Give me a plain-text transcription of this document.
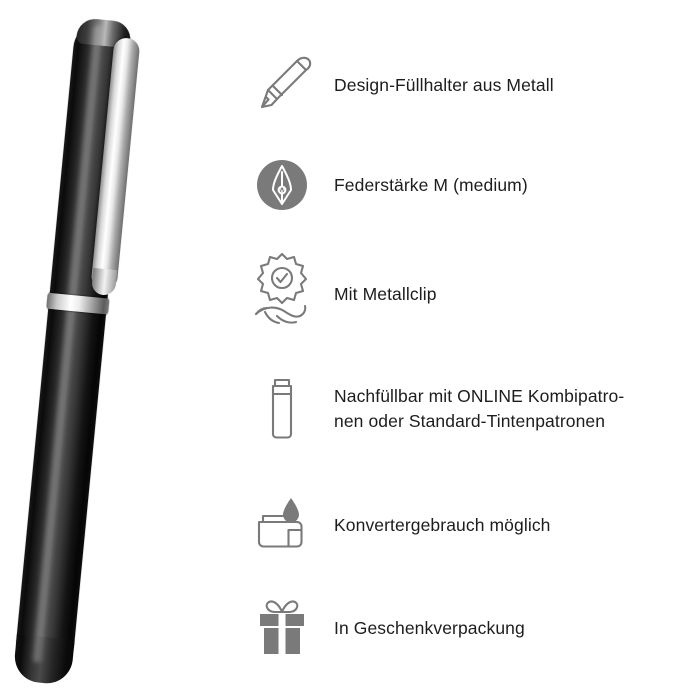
Design-Füllhalter aus Metall
M	Federstärke M (medium)
Mit Metallclip
Nachfüllbar mit ONLINE Kombipatro-
nen oder Standard-Tintenpatronen
Konvertergebrauch möglich
In Geschenkverpackung
